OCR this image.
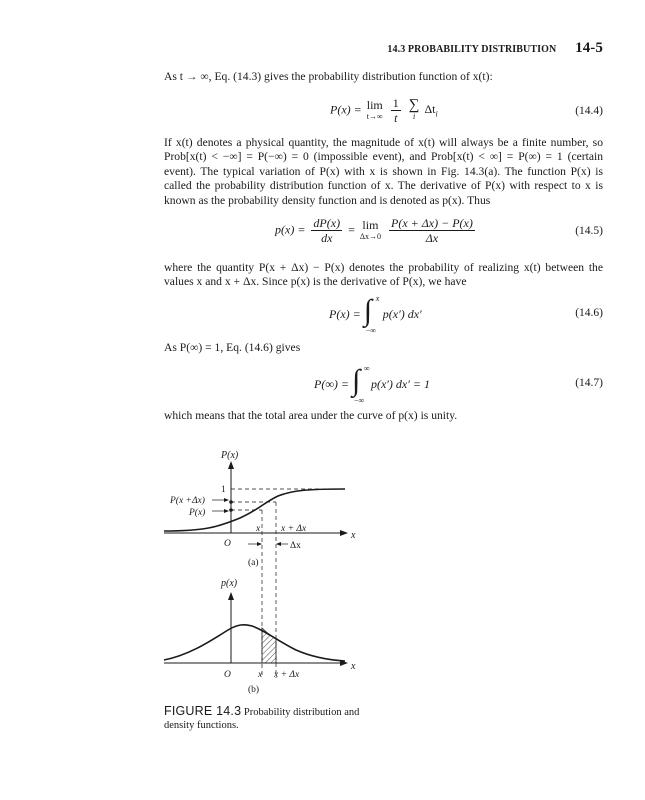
14.3 PROBABILITY DISTRIBUTION 14-5
As t → ∞, Eq. (14.3) gives the probability distribution function of x(t):
P(x) = lim
t→∞
$\frac{1}{t}$ ∑
i $\Delta t_i$	(14.4)
If x(t) denotes a physical quantity, the magnitude of x(t) will always be a finite number, so Prob[x(t) < −∞] = P(−∞) = 0 (impossible event), and Prob[x(t) < ∞] = P(∞) = 1 (certain event). The typical variation of P(x) with x is shown in Fig. 14.3(a). The function P(x) is called the probability distribution function of x. The derivative of P(x) with respect to x is known as the probability density function and is denoted as p(x). Thus
$p(x) = \frac{dP(x)}{dx} = \lim$
Δx→0
$\frac{P(x + \Delta x) - P(x)}{\Delta x}$	(14.5)
where the quantity P(x + Δx) − P(x) denotes the probability of realizing x(t) between the values x and x + Δx. Since p(x) is the derivative of P(x), we have
P(x) = ∫ x
−∞
p(x′) dx′	(14.6)
As P(∞) = 1, Eq. (14.6) gives
P(∞) = ∫ ∞
−∞
p(x′) dx′ = 1	(14.7)
which means that the total area under the curve of p(x) is unity.
P(x)
x
1
P(x +Δx)
P(x)
x x + Δx
O	Δx
(a)
p(x)
x
O	x x + Δx
(b)
FIGURE 14.3 Probability distribution and density functions.
